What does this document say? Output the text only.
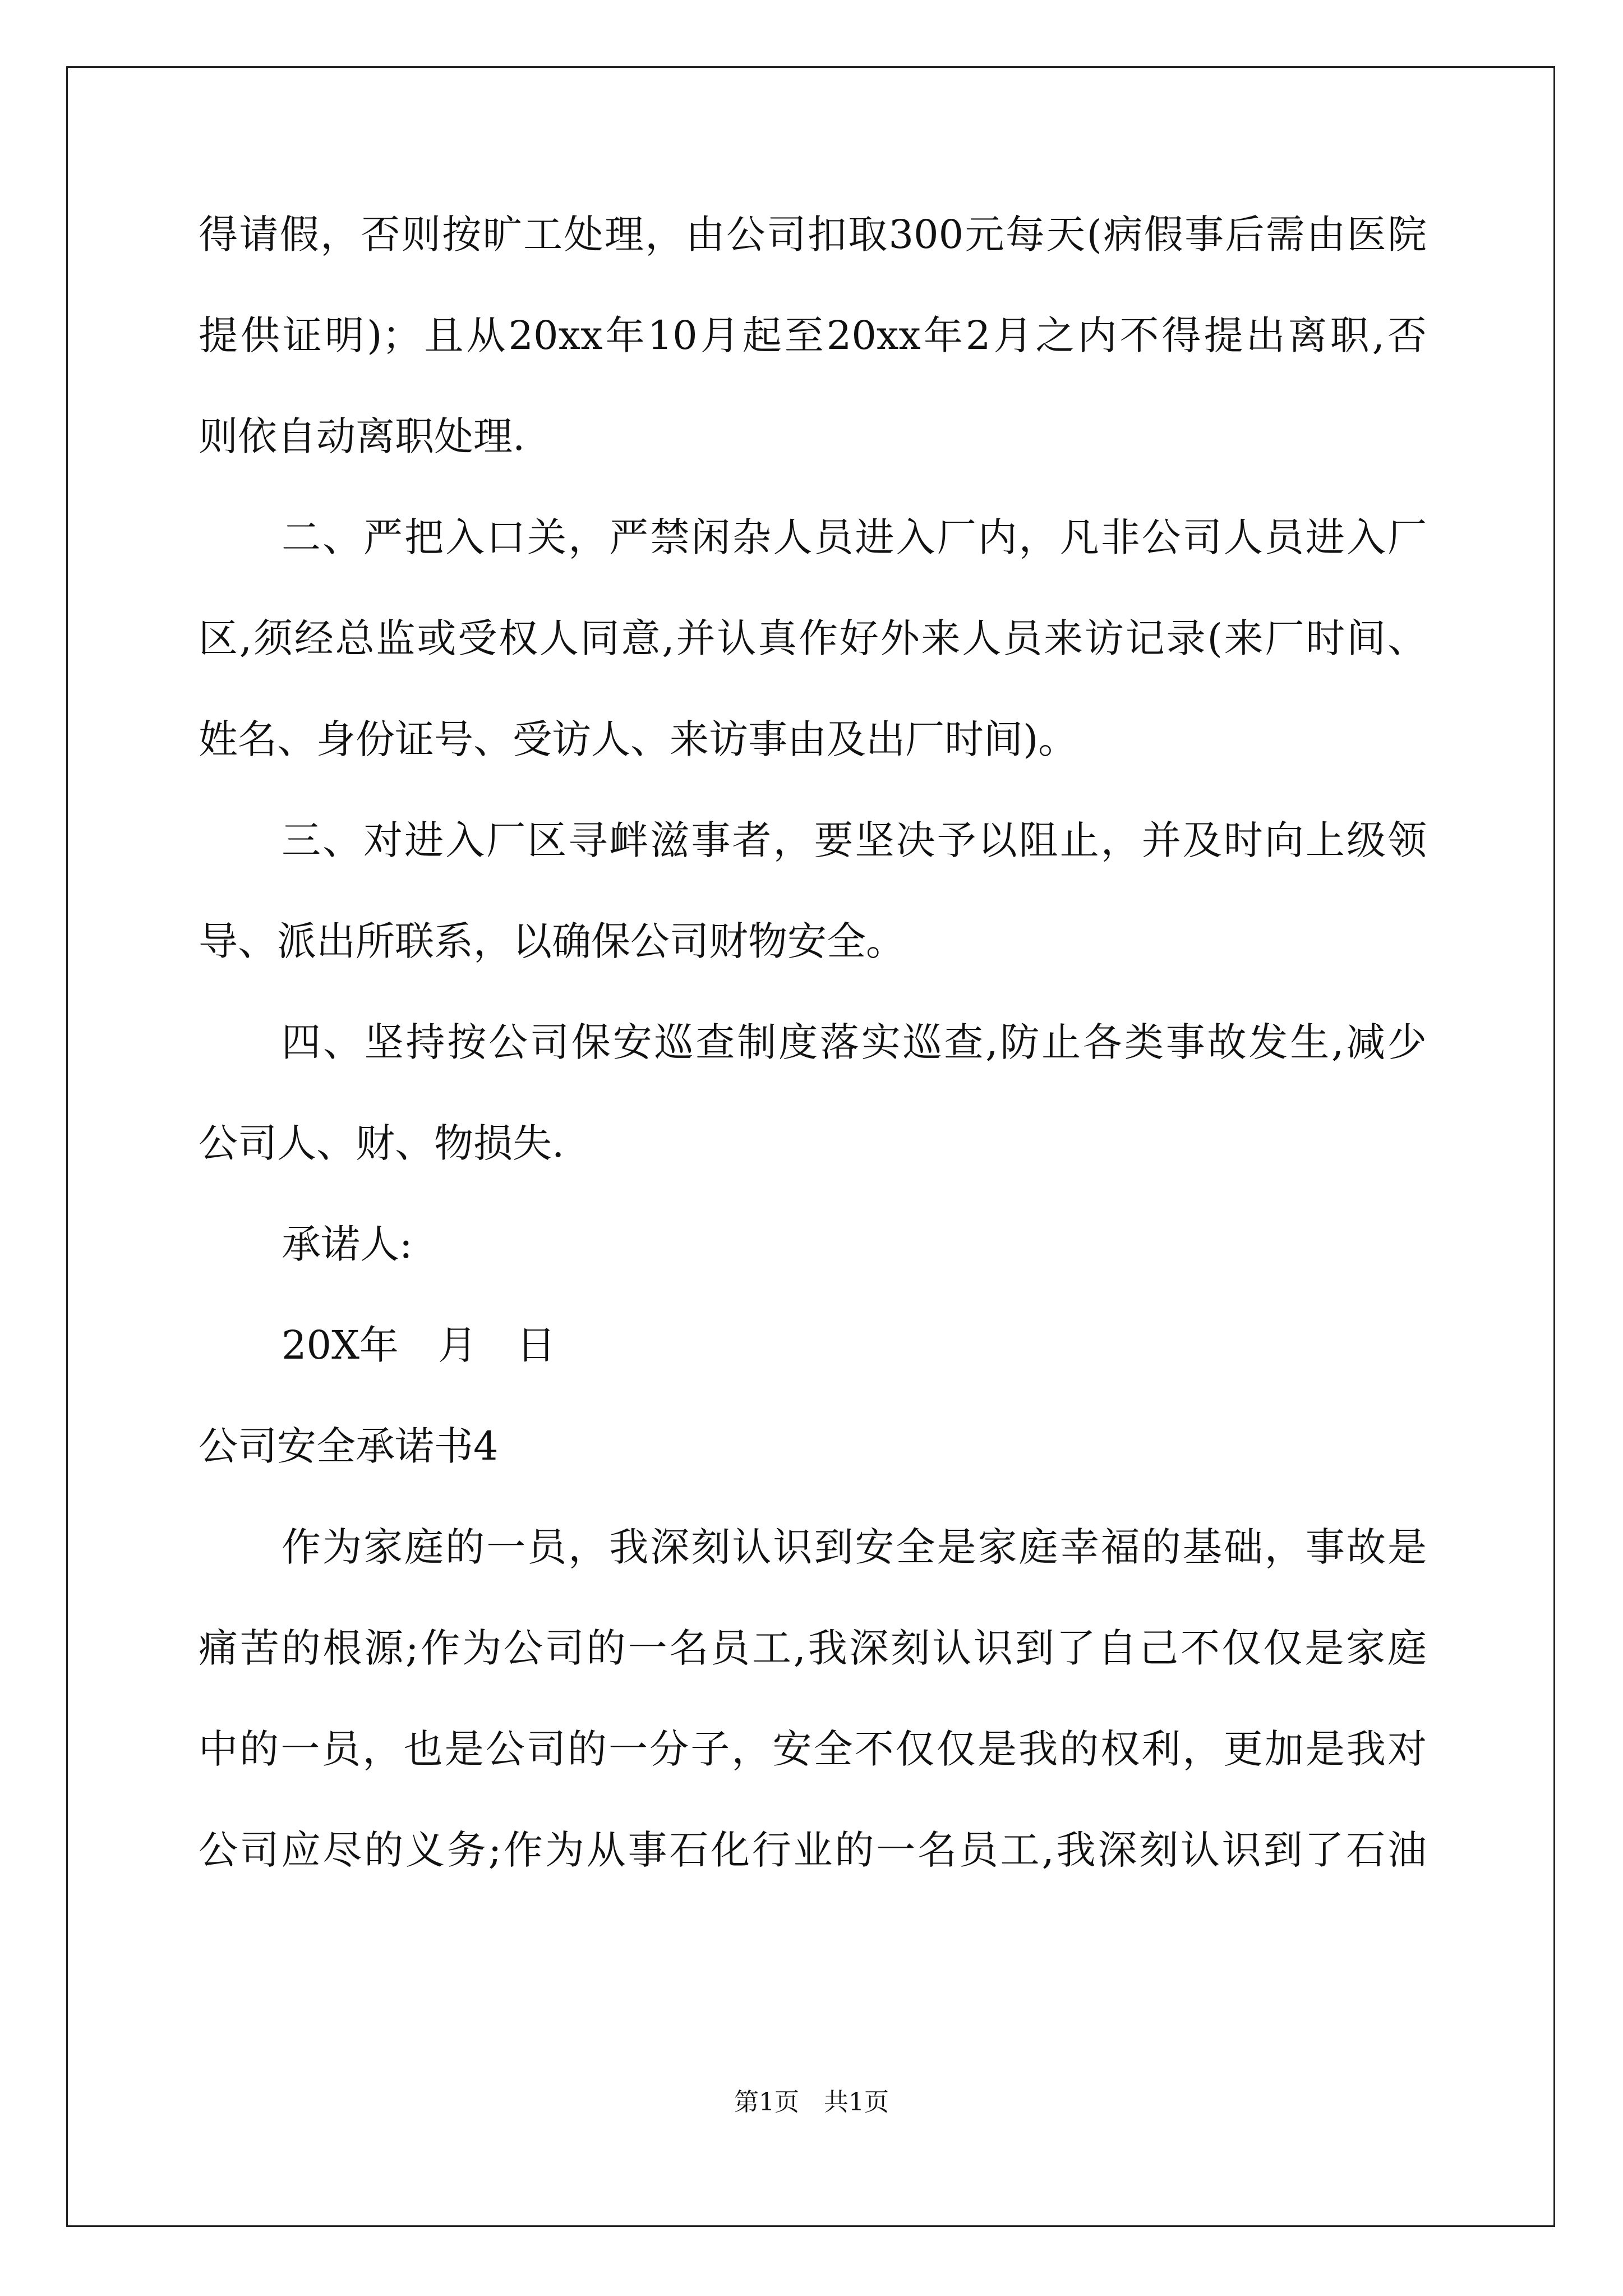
得请假，否则按旷工处理，由公司扣取300元每天(病假事后需由医院
提供证明)；且从20xx年10月起至20xx年2月之内不得提出离职,否
则依自动离职处理.
二、严把入口关，严禁闲杂人员进入厂内，凡非公司人员进入厂
区,须经总监或受权人同意,并认真作好外来人员来访记录(来厂时间、
姓名、身份证号、受访人、来访事由及出厂时间)。
三、对进入厂区寻衅滋事者，要坚决予以阻止，并及时向上级领
导、派出所联系，以确保公司财物安全。
四、坚持按公司保安巡查制度落实巡查,防止各类事故发生,减少
公司人、财、物损失.
承诺人:
20X年　月　日
公司安全承诺书4
作为家庭的一员，我深刻认识到安全是家庭幸福的基础，事故是
痛苦的根源;作为公司的一名员工,我深刻认识到了自己不仅仅是家庭
中的一员，也是公司的一分子，安全不仅仅是我的权利，更加是我对
公司应尽的义务;作为从事石化行业的一名员工,我深刻认识到了石油
第1页　共1页
